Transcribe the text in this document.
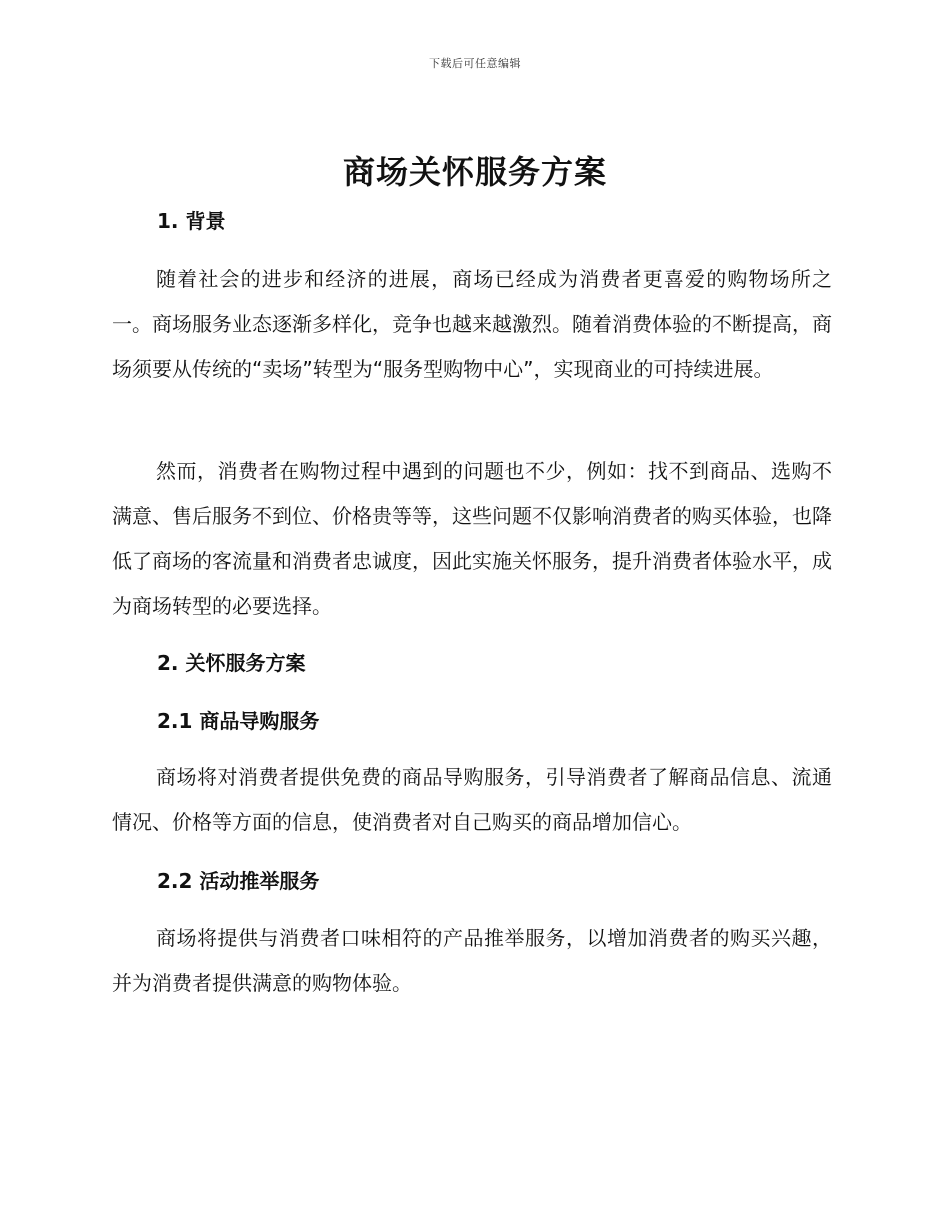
下载后可任意编辑
商场关怀服务方案
1. 背景

随着社会的进步和经济的进展，商场已经成为消费者更喜爱的购物场所之一。商场服务业态逐渐多样化，竞争也越来越激烈。随着消费体验的不断提高，商场须要从传统的“卖场”转型为“服务型购物中心”，实现商业的可持续进展。

然而，消费者在购物过程中遇到的问题也不少，例如：找不到商品、选购不满意、售后服务不到位、价格贵等等，这些问题不仅影响消费者的购买体验，也降低了商场的客流量和消费者忠诚度，因此实施关怀服务，提升消费者体验水平，成为商场转型的必要选择。

2. 关怀服务方案
2.1 商品导购服务

商场将对消费者提供免费的商品导购服务，引导消费者了解商品信息、流通情况、价格等方面的信息，使消费者对自己购买的商品增加信心。

2.2 活动推举服务

商场将提供与消费者口味相符的产品推举服务，以增加消费者的购买兴趣，并为消费者提供满意的购物体验。
